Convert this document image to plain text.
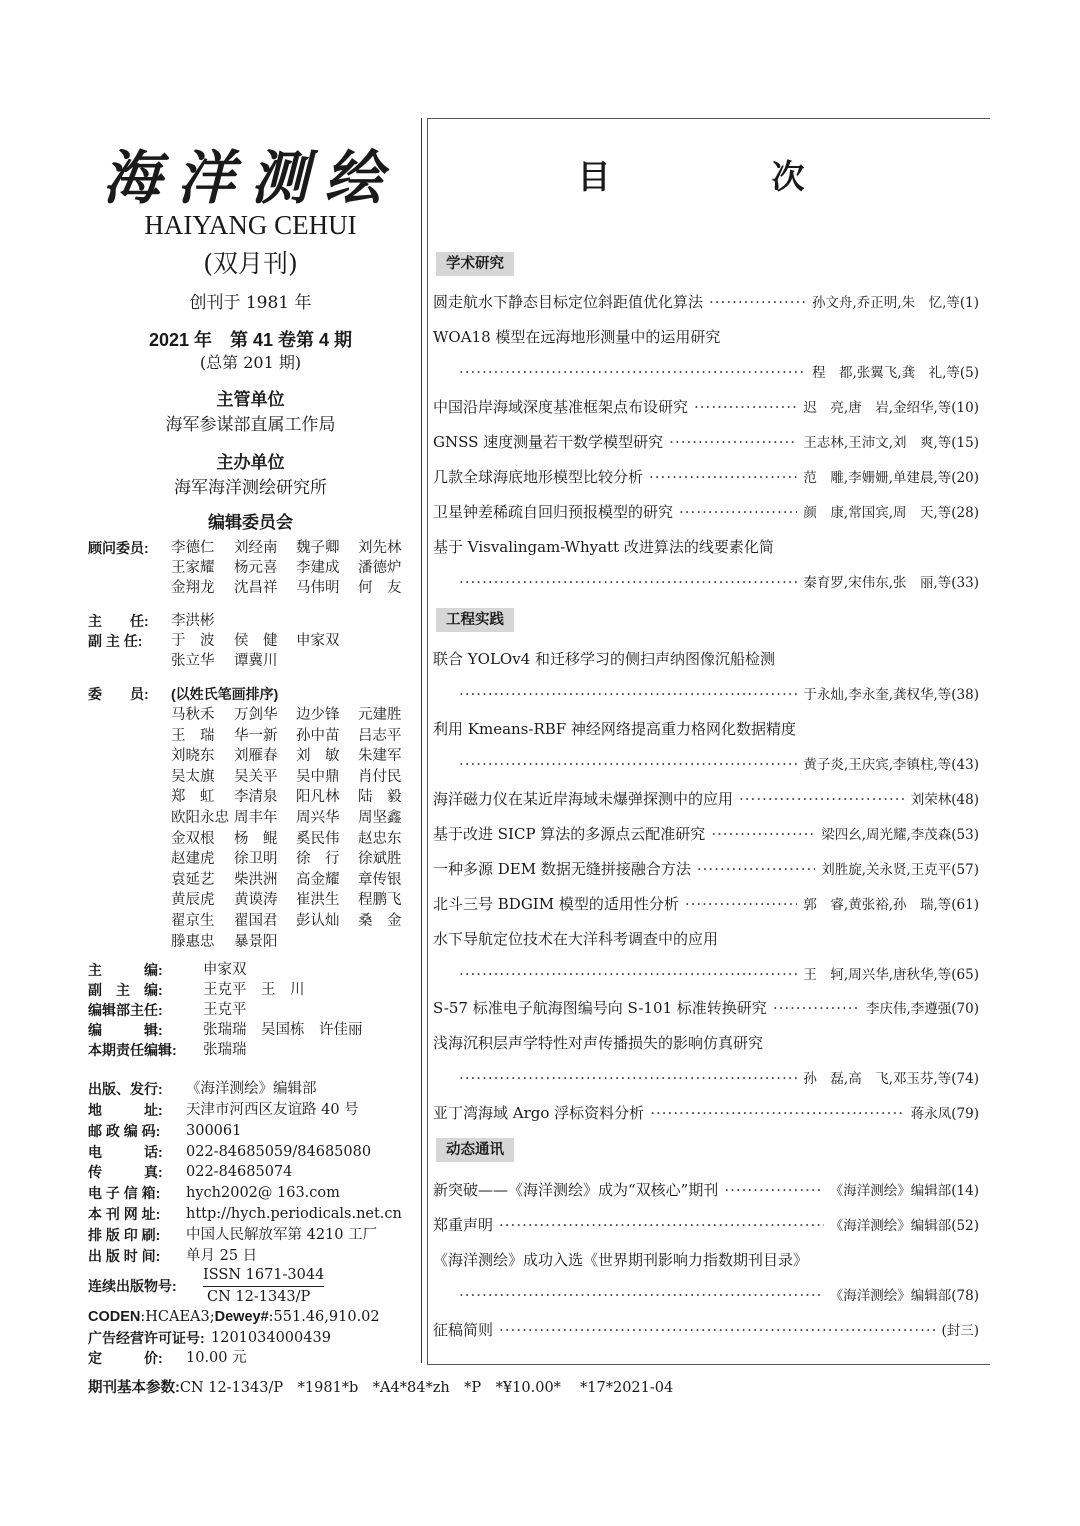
海洋测绘
HAIYANG CEHUI
(双月刊)
创刊于 1981 年
2021 年　第 41 卷第 4 期
(总第 201 期)
主管单位
海军参谋部直属工作局
主办单位
海军海洋测绘研究所
编辑委员会
顾问委员: 李德仁 刘经南 魏子卿 刘先林
王家耀 杨元喜 李建成 潘德炉
金翔龙 沈昌祥 马伟明 何　友
主　　任: 李洪彬
副 主 任: 于　波 侯　健 申家双
张立华 谭冀川
委　　员: (以姓氏笔画排序)
马秋禾 万剑华 边少锋 元建胜
王　瑞 华一新 孙中苗 吕志平
刘晓东 刘雁春 刘　敏 朱建军
吴太旗 吴关平 吴中鼎 肖付民
郑　虹 李清泉 阳凡林 陆　毅
欧阳永忠 周丰年 周兴华 周坚鑫
金双根 杨　鲲 奚民伟 赵忠东
赵建虎 徐卫明 徐　行 徐斌胜
袁延艺 柴洪洲 高金耀 章传银
黄辰虎 黄谟涛 崔洪生 程鹏飞
翟京生 翟国君 彭认灿 桑　金
滕惠忠 暴景阳
主　　　编:	申家双
副　主　编:	王克平　王　川
编辑部主任:	王克平
编　　　辑:	张瑞瑞　吴国栋　许佳丽
本期责任编辑: 张瑞瑞
出版、发行: 《海洋测绘》编辑部
地　　　址: 天津市河西区友谊路 40 号
邮 政 编 码: 300061
电　　　话: 022-84685059/84685080
传　　　真: 022-84685074
电 子 信 箱: hych2002@ 163.com
本 刊 网 址: http://hych.periodicals.net.cn
排 版 印 刷: 中国人民解放军第 4210 工厂
出 版 时 间: 单月 25 日
连续出版物号:
ISSN 1671-3044
CN 12-1343/P
CODEN:HCAEA3;Dewey#:551.46,910.02
广告经营许可证号: 1201034000439
定　　　价: 10.00 元
期刊基本参数:CN 12-1343/P　*1981*b　*A4*84*zh　*P　*¥10.00*　 *17*2021-04
目　次
学术研究
圆走航水下静态目标定位斜距值优化算法 ·····	孙文舟,乔正明,朱　忆,等(1)
WOA18 模型在远海地形测量中的运用研究
·····
程　都,张翼飞,龚　礼,等(5)
中国沿岸海域深度基准框架点布设研究 ·····	迟　亮,唐　岩,金绍华,等(10)
GNSS 速度测量若干数学模型研究 ·····	王志林,王沛文,刘　爽,等(15)
几款全球海底地形模型比较分析 ·····	范　雕,李姗姗,单建晨,等(20)
卫星钟差稀疏自回归预报模型的研究 ·····	颜　康,常国宾,周　天,等(28)
基于 Visvalingam-Whyatt 改进算法的线要素化简
·····
秦育罗,宋伟东,张　丽,等(33)
工程实践
联合 YOLOv4 和迁移学习的侧扫声纳图像沉船检测
·····
于永灿,李永奎,龚权华,等(38)
利用 Kmeans-RBF 神经网络提高重力格网化数据精度
·····
黄子炎,王庆宾,李镇柱,等(43)
海洋磁力仪在某近岸海域未爆弹探测中的应用 ·····	刘荣林(48)
基于改进 SICP 算法的多源点云配准研究 ·····	梁四幺,周光耀,李茂森(53)
一种多源 DEM 数据无缝拼接融合方法 ·····	刘胜旋,关永贤,王克平(57)
北斗三号 BDGIM 模型的适用性分析 ·····	郭　睿,黄张裕,孙　瑞,等(61)
水下导航定位技术在大洋科考调查中的应用
·····
王　轲,周兴华,唐秋华,等(65)
S-57 标准电子航海图编号向 S-101 标准转换研究 ·····	李庆伟,李遵强(70)
浅海沉积层声学特性对声传播损失的影响仿真研究
·····
孙　磊,高　飞,邓玉芬,等(74)
亚丁湾海域 Argo 浮标资料分析 ·····	蒋永凤(79)
动态通讯
新突破——《海洋测绘》成为“双核心”期刊 ·····	《海洋测绘》编辑部(14)
郑重声明 ·····	《海洋测绘》编辑部(52)
《海洋测绘》成功入选《世界期刊影响力指数期刊目录》
·····
《海洋测绘》编辑部(78)
征稿简则 ·····	(封三)
